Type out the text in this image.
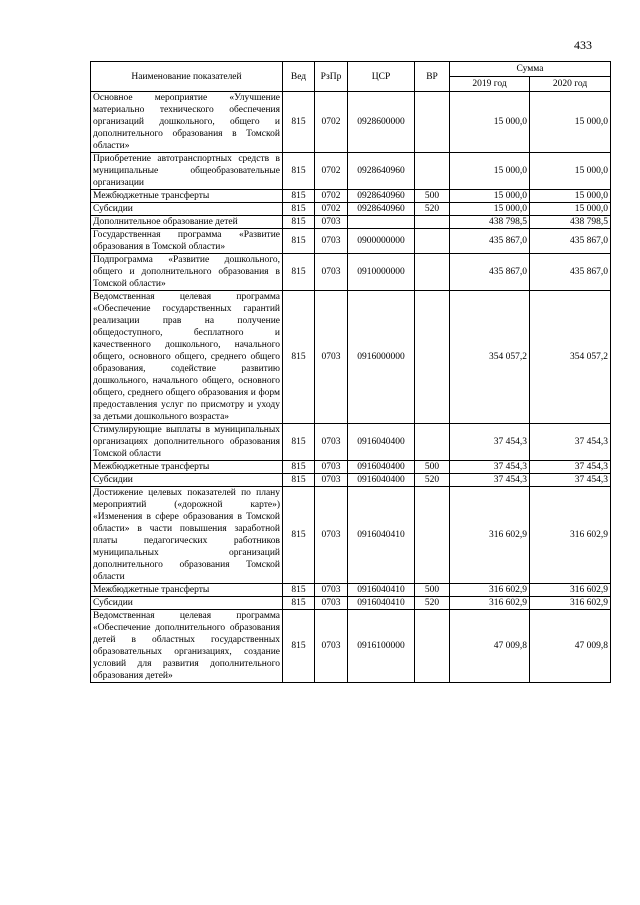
433
Наименование показателей	Вед	РзПр	ЦСР	ВР	Сумма	
					2019 год	2020 год
Основное мероприятие «Улучшение материально технического обеспечения организаций дошкольного, общего и дополнительного образования в Томской области»	815	0702	0928600000		15 000,0	15 000,0
Приобретение автотранспортных средств в муниципальные общеобразовательные организации	815	0702	0928640960		15 000,0	15 000,0
Межбюджетные трансферты	815	0702	0928640960	500	15 000,0	15 000,0
Субсидии	815	0702	0928640960	520	15 000,0	15 000,0
Дополнительное образование детей	815	0703			438 798,5	438 798,5
Государственная программа «Развитие образования в Томской области»	815	0703	0900000000		435 867,0	435 867,0
Подпрограмма «Развитие дошкольного, общего и дополнительного образования в Томской области»	815	0703	0910000000		435 867,0	435 867,0
Ведомственная целевая программа «Обеспечение государственных гарантий реализации прав на получение общедоступного, бесплатного и качественного дошкольного, начального общего, основного общего, среднего общего образования, содействие развитию дошкольного, начального общего, основного общего, среднего общего образования и форм предоставления услуг по присмотру и уходу за детьми дошкольного возраста»	815	0703	0916000000		354 057,2	354 057,2
Стимулирующие выплаты в муниципальных организациях дополнительного образования Томской области	815	0703	0916040400		37 454,3	37 454,3
Межбюджетные трансферты	815	0703	0916040400	500	37 454,3	37 454,3
Субсидии	815	0703	0916040400	520	37 454,3	37 454,3
Достижение целевых показателей по плану мероприятий («дорожной карте») «Изменения в сфере образования в Томской области» в части повышения заработной платы педагогических работников муниципальных организаций дополнительного образования Томской области	815	0703	0916040410		316 602,9	316 602,9
Межбюджетные трансферты	815	0703	0916040410	500	316 602,9	316 602,9
Субсидии	815	0703	0916040410	520	316 602,9	316 602,9
Ведомственная целевая программа «Обеспечение дополнительного образования детей в областных государственных образовательных организациях, создание условий для развития дополнительного образования детей»	815	0703	0916100000		47 009,8	47 009,8
